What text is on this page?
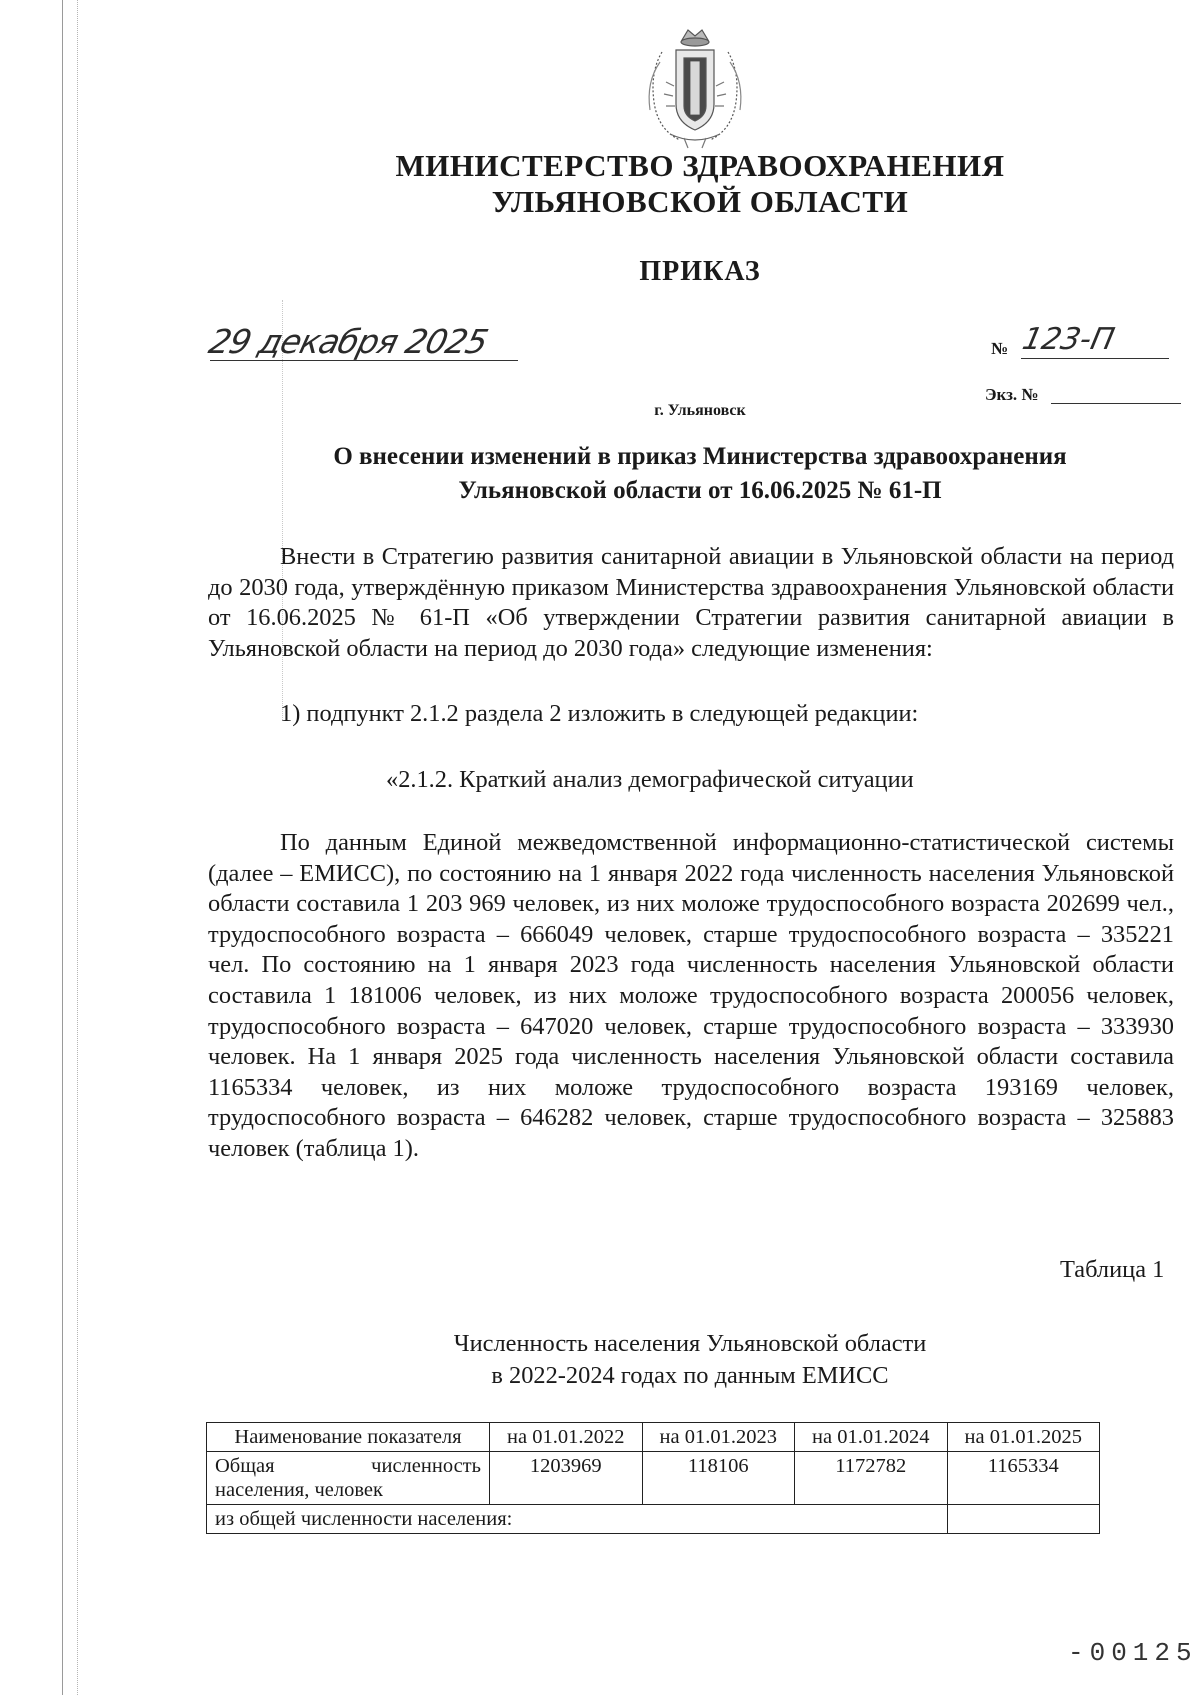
МИНИСТЕРСТВО ЗДРАВООХРАНЕНИЯ
УЛЬЯНОВСКОЙ ОБЛАСТИ
ПРИКАЗ
29 декабря 2025	№ 123-П
Экз. №
г. Ульяновск
О внесении изменений в приказ Министерства здравоохранения
Ульяновской области от 16.06.2025 № 61-П
Внести в Стратегию развития санитарной авиации в Ульяновской области на период до 2030 года, утверждённую приказом Министерства здравоохранения Ульяновской области от 16.06.2025 № 61-П «Об утверждении Стратегии развития санитарной авиации в Ульяновской области на период до 2030 года» следующие изменения:
1) подпункт 2.1.2 раздела 2 изложить в следующей редакции:
«2.1.2. Краткий анализ демографической ситуации
По данным Единой межведомственной информационно-статистической системы (далее – ЕМИСС), по состоянию на 1 января 2022 года численность населения Ульяновской области составила 1 203 969 человек, из них моложе трудоспособного возраста 202699 чел., трудоспособного возраста – 666049 человек, старше трудоспособного возраста – 335221 чел. По состоянию на 1 января 2023 года численность населения Ульяновской области составила 1 181006 человек, из них моложе трудоспособного возраста 200056 человек, трудоспособного возраста – 647020 человек, старше трудоспособного возраста – 333930 человек. На 1 января 2025 года численность населения Ульяновской области составила 1165334 человек, из них моложе трудоспособного возраста 193169 человек, трудоспособного возраста – 646282 человек, старше трудоспособного возраста – 325883 человек (таблица 1).
Таблица 1
Численность населения Ульяновской области
в 2022-2024 годах по данным ЕМИСС
Наименование показателя	на 01.01.2022	на 01.01.2023	на 01.01.2024	на 01.01.2025
Общая численность населения, человек	1203969	118106	1172782	1165334
из общей численности населения:				
-00125
